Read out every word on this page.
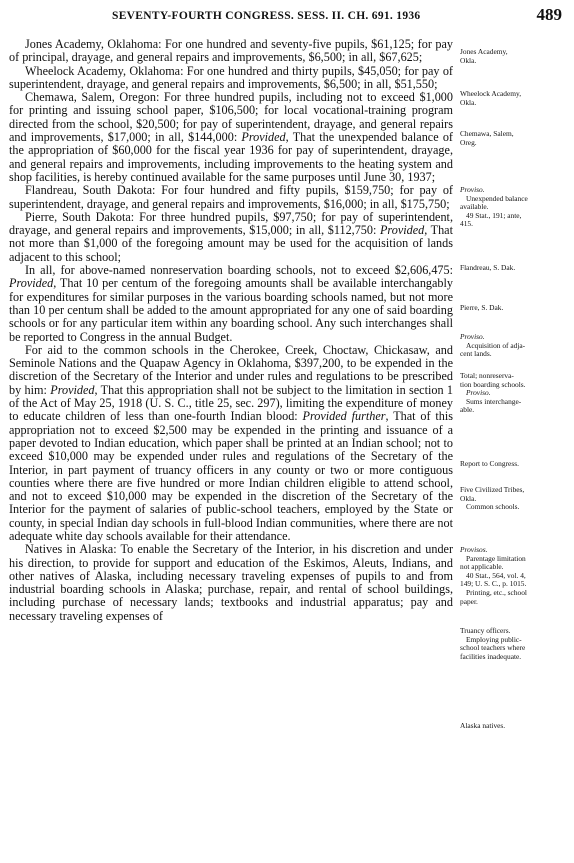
SEVENTY-FOURTH CONGRESS. SESS. II. CH. 691. 1936	489

Jones Academy, Oklahoma: For one hundred and seventy-five pupils, $61,125; for pay of principal, drayage, and general repairs and improvements, $6,500; in all, $67,625;

Wheelock Academy, Oklahoma: For one hundred and thirty pupils, $45,050; for pay of superintendent, drayage, and general repairs and improvements, $6,500; in all, $51,550;

Chemawa, Salem, Oregon: For three hundred pupils, including not to exceed $1,000 for printing and issuing school paper, $106,500; for local vocational-training program directed from the school, $20,500; for pay of superintendent, drayage, and general repairs and improvements, $17,000; in all, $144,000: Provided, That the unexpended balance of the appropriation of $60,000 for the fiscal year 1936 for pay of superintendent, drayage, and general repairs and improvements, including improvements to the heating system and shop facilities, is hereby continued available for the same purposes until June 30, 1937;

Flandreau, South Dakota: For four hundred and fifty pupils, $159,750; for pay of superintendent, drayage, and general repairs and improvements, $16,000; in all, $175,750;

Pierre, South Dakota: For three hundred pupils, $97,750; for pay of superintendent, drayage, and general repairs and improvements, $15,000; in all, $112,750: Provided, That not more than $1,000 of the foregoing amount may be used for the acquisition of lands adjacent to this school;

In all, for above-named nonreservation boarding schools, not to exceed $2,606,475: Provided, That 10 per centum of the foregoing amounts shall be available interchangably for expenditures for similar purposes in the various boarding schools named, but not more than 10 per centum shall be added to the amount appropriated for any one of said boarding schools or for any particular item within any boarding school. Any such interchanges shall be reported to Congress in the annual Budget.

For aid to the common schools in the Cherokee, Creek, Choctaw, Chickasaw, and Seminole Nations and the Quapaw Agency in Oklahoma, $397,200, to be expended in the discretion of the Secretary of the Interior and under rules and regulations to be prescribed by him: Provided, That this appropriation shall not be subject to the limitation in section 1 of the Act of May 25, 1918 (U. S. C., title 25, sec. 297), limiting the expenditure of money to educate children of less than one-fourth Indian blood: Provided further, That of this appropriation not to exceed $2,500 may be expended in the printing and issuance of a paper devoted to Indian education, which paper shall be printed at an Indian school; not to exceed $10,000 may be expended under rules and regulations of the Secretary of the Interior, in part payment of truancy officers in any county or two or more contiguous counties where there are five hundred or more Indian children eligible to attend school, and not to exceed $10,000 may be expended in the discretion of the Secretary of the Interior for the payment of salaries of public-school teachers, employed by the State or county, in special Indian day schools in full-blood Indian communities, where there are not adequate white day schools available for their attendance.

Natives in Alaska: To enable the Secretary of the Interior, in his discretion and under his direction, to provide for support and education of the Eskimos, Aleuts, Indians, and other natives of Alaska, including necessary traveling expenses of pupils to and from industrial boarding schools in Alaska; purchase, repair, and rental of school buildings, including purchase of necessary lands; textbooks and industrial apparatus; pay and necessary traveling expenses of

Jones Academy,
Okla.
Wheelock Academy,
Okla.
Chemawa, Salem,
Oreg.
Proviso.
Unexpended balance
available.
49 Stat., 191; ante,
415.
Flandreau, S. Dak.
Pierre, S. Dak.
Proviso.
Acquisition of adja-
cent lands.
Total; nonreserva-
tion boarding schools.
Proviso.
Sums interchange-
able.
Report to Congress.
Five Civilized Tribes,
Okla.
Common schools.
Provisos.
Parentage limitation
not applicable.
40 Stat., 564, vol. 4,
149; U. S. C., p. 1015.
Printing, etc., school
paper.
Truancy officers.
Employing public-
school teachers where
facilities inadequate.
Alaska natives.
